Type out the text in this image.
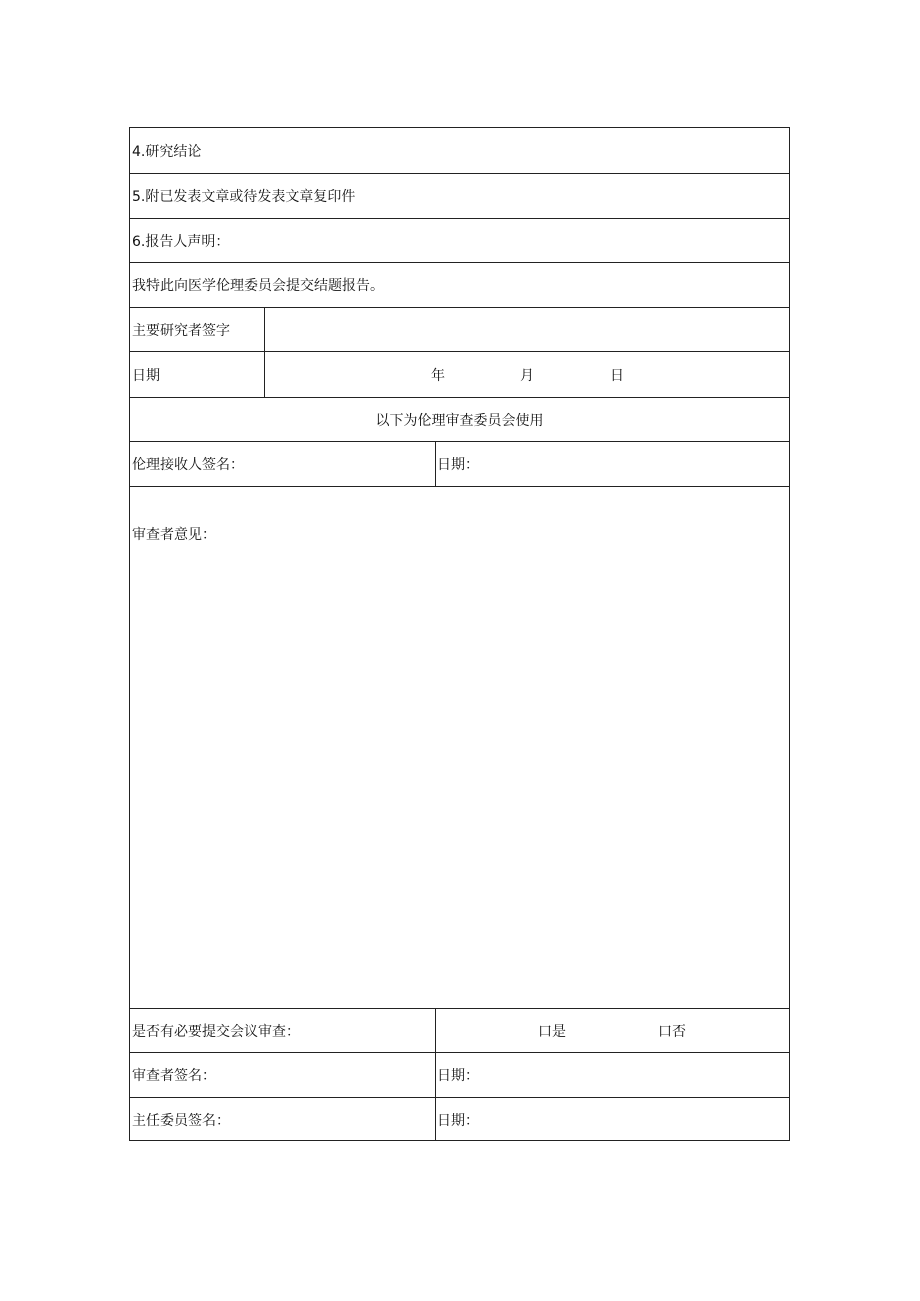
4.研究结论
5.附已发表文章或待发表文章复印件
6.报告人声明：
我特此向医学伦理委员会提交结题报告。
主要研究者签字
日期	年	月	日
以下为伦理审查委员会使用
伦理接收人签名：	日期：
审查者意见：
是否有必要提交会议审查：	口是	口否
审查者签名：	日期：
主任委员签名：	日期：
